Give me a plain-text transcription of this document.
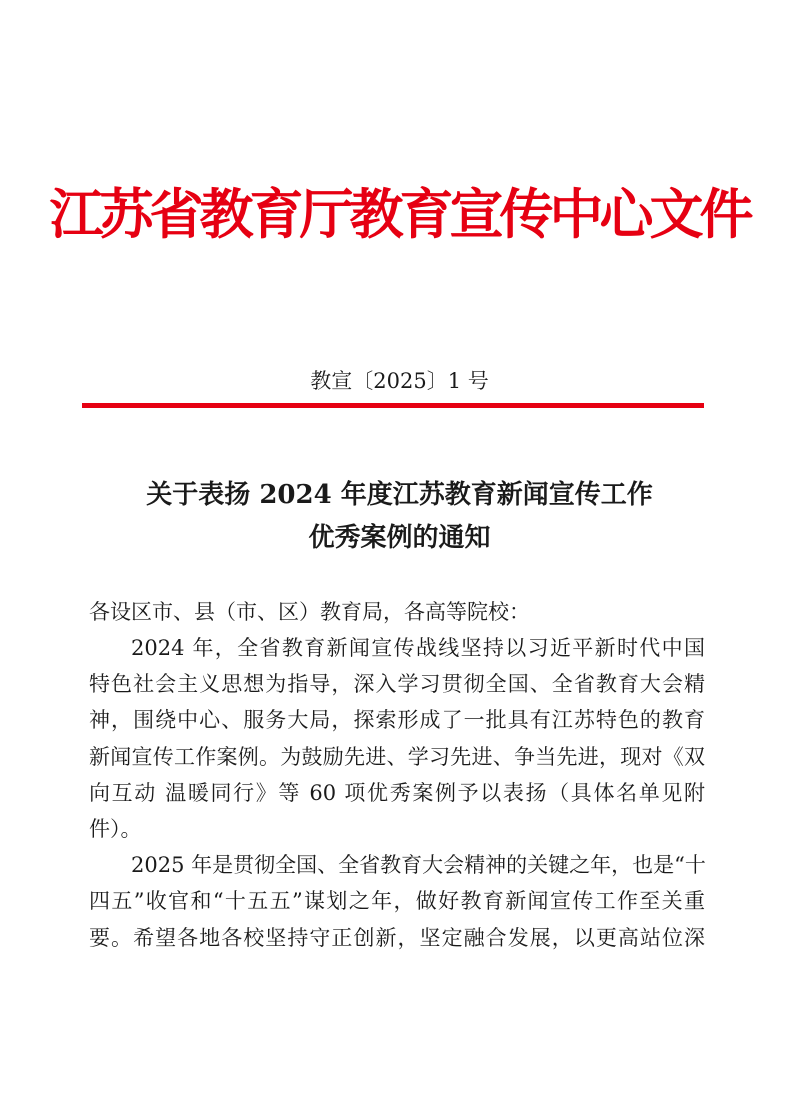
江苏省教育厅教育宣传中心文件
教宣〔2025〕1 号
关于表扬 2024 年度江苏教育新闻宣传工作
优秀案例的通知
各设区市、县（市、区）教育局，各高等院校：
2024 年，全省教育新闻宣传战线坚持以习近平新时代中国
特色社会主义思想为指导，深入学习贯彻全国、全省教育大会精
神，围绕中心、服务大局，探索形成了一批具有江苏特色的教育
新闻宣传工作案例。为鼓励先进、学习先进、争当先进，现对《双
向互动 温暖同行》等 60 项优秀案例予以表扬（具体名单见附
件）。
2025 年是贯彻全国、全省教育大会精神的关键之年，也是“十
四五”收官和“十五五”谋划之年，做好教育新闻宣传工作至关重
要。希望各地各校坚持守正创新，坚定融合发展，以更高站位深
